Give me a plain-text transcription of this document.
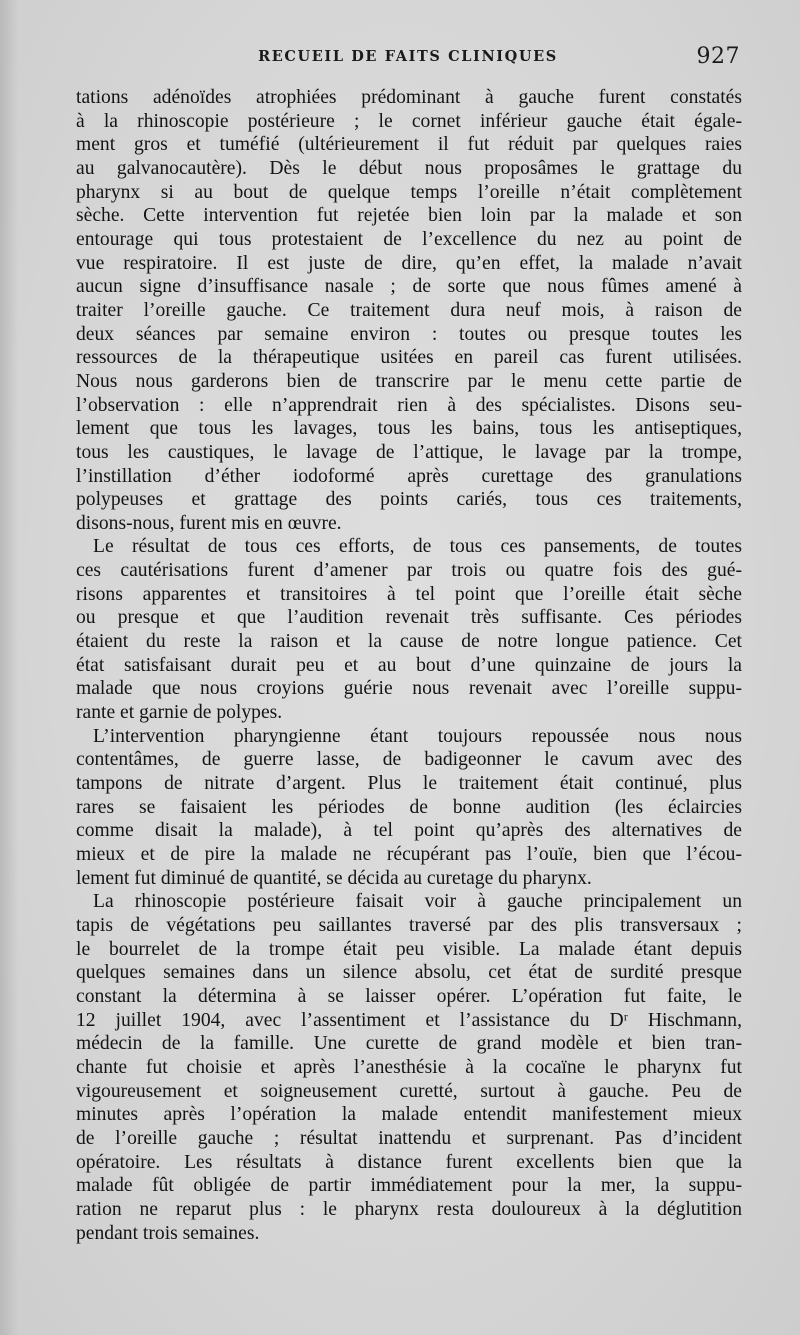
RECUEIL DE FAITS CLINIQUES	927

tations adénoïdes atrophiées prédominant à gauche furent constatés
à la rhinoscopie postérieure ; le cornet inférieur gauche était égale-
ment gros et tuméfié (ultérieurement il fut réduit par quelques raies
au galvanocautère). Dès le début nous proposâmes le grattage du
pharynx si au bout de quelque temps l’oreille n’était complètement
sèche. Cette intervention fut rejetée bien loin par la malade et son
entourage qui tous protestaient de l’excellence du nez au point de
vue respiratoire. Il est juste de dire, qu’en effet, la malade n’avait
aucun signe d’insuffisance nasale ; de sorte que nous fûmes amené à
traiter l’oreille gauche. Ce traitement dura neuf mois, à raison de
deux séances par semaine environ : toutes ou presque toutes les
ressources de la thérapeutique usitées en pareil cas furent utilisées.
Nous nous garderons bien de transcrire par le menu cette partie de
l’observation : elle n’apprendrait rien à des spécialistes. Disons seu-
lement que tous les lavages, tous les bains, tous les antiseptiques,
tous les caustiques, le lavage de l’attique, le lavage par la trompe,
l’instillation d’éther iodoformé après curettage des granulations
polypeuses et grattage des points cariés, tous ces traitements,
disons-nous, furent mis en œuvre.

Le résultat de tous ces efforts, de tous ces pansements, de toutes
ces cautérisations furent d’amener par trois ou quatre fois des gué-
risons apparentes et transitoires à tel point que l’oreille était sèche
ou presque et que l’audition revenait très suffisante. Ces périodes
étaient du reste la raison et la cause de notre longue patience. Cet
état satisfaisant durait peu et au bout d’une quinzaine de jours la
malade que nous croyions guérie nous revenait avec l’oreille suppu-
rante et garnie de polypes.

L’intervention pharyngienne étant toujours repoussée nous nous
contentâmes, de guerre lasse, de badigeonner le cavum avec des
tampons de nitrate d’argent. Plus le traitement était continué, plus
rares se faisaient les périodes de bonne audition (les éclaircies
comme disait la malade), à tel point qu’après des alternatives de
mieux et de pire la malade ne récupérant pas l’ouïe, bien que l’écou-
lement fut diminué de quantité, se décida au curetage du pharynx.

La rhinoscopie postérieure faisait voir à gauche principalement un
tapis de végétations peu saillantes traversé par des plis transversaux ;
le bourrelet de la trompe était peu visible. La malade étant depuis
quelques semaines dans un silence absolu, cet état de surdité presque
constant la détermina à se laisser opérer. L’opération fut faite, le
12 juillet 1904, avec l’assentiment et l’assistance du Dʳ Hischmann,
médecin de la famille. Une curette de grand modèle et bien tran-
chante fut choisie et après l’anesthésie à la cocaïne le pharynx fut
vigoureusement et soigneusement curetté, surtout à gauche. Peu de
minutes après l’opération la malade entendit manifestement mieux
de l’oreille gauche ; résultat inattendu et surprenant. Pas d’incident
opératoire. Les résultats à distance furent excellents bien que la
malade fût obligée de partir immédiatement pour la mer, la suppu-
ration ne reparut plus : le pharynx resta douloureux à la déglutition
pendant trois semaines.
